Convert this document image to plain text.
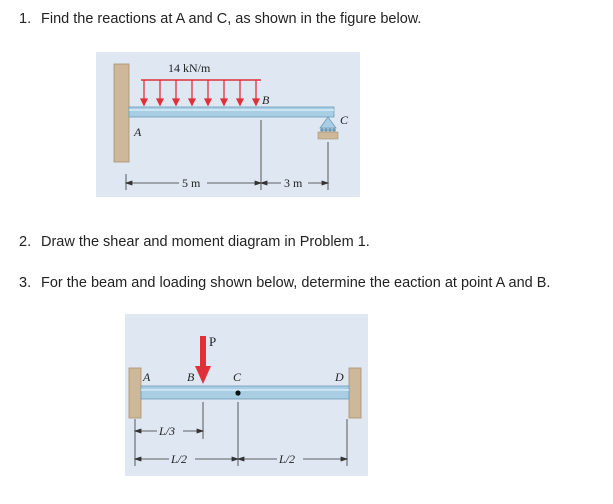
1. Find the reactions at A and C, as shown in the figure below.
14 kN/m
A
B
C
5 m	3 m
2. Draw the shear and moment diagram in Problem 1.
3. For the beam and loading shown below, determine the eaction at point A and B.
P
A	B	C	D
L/3
L/2	L/2
